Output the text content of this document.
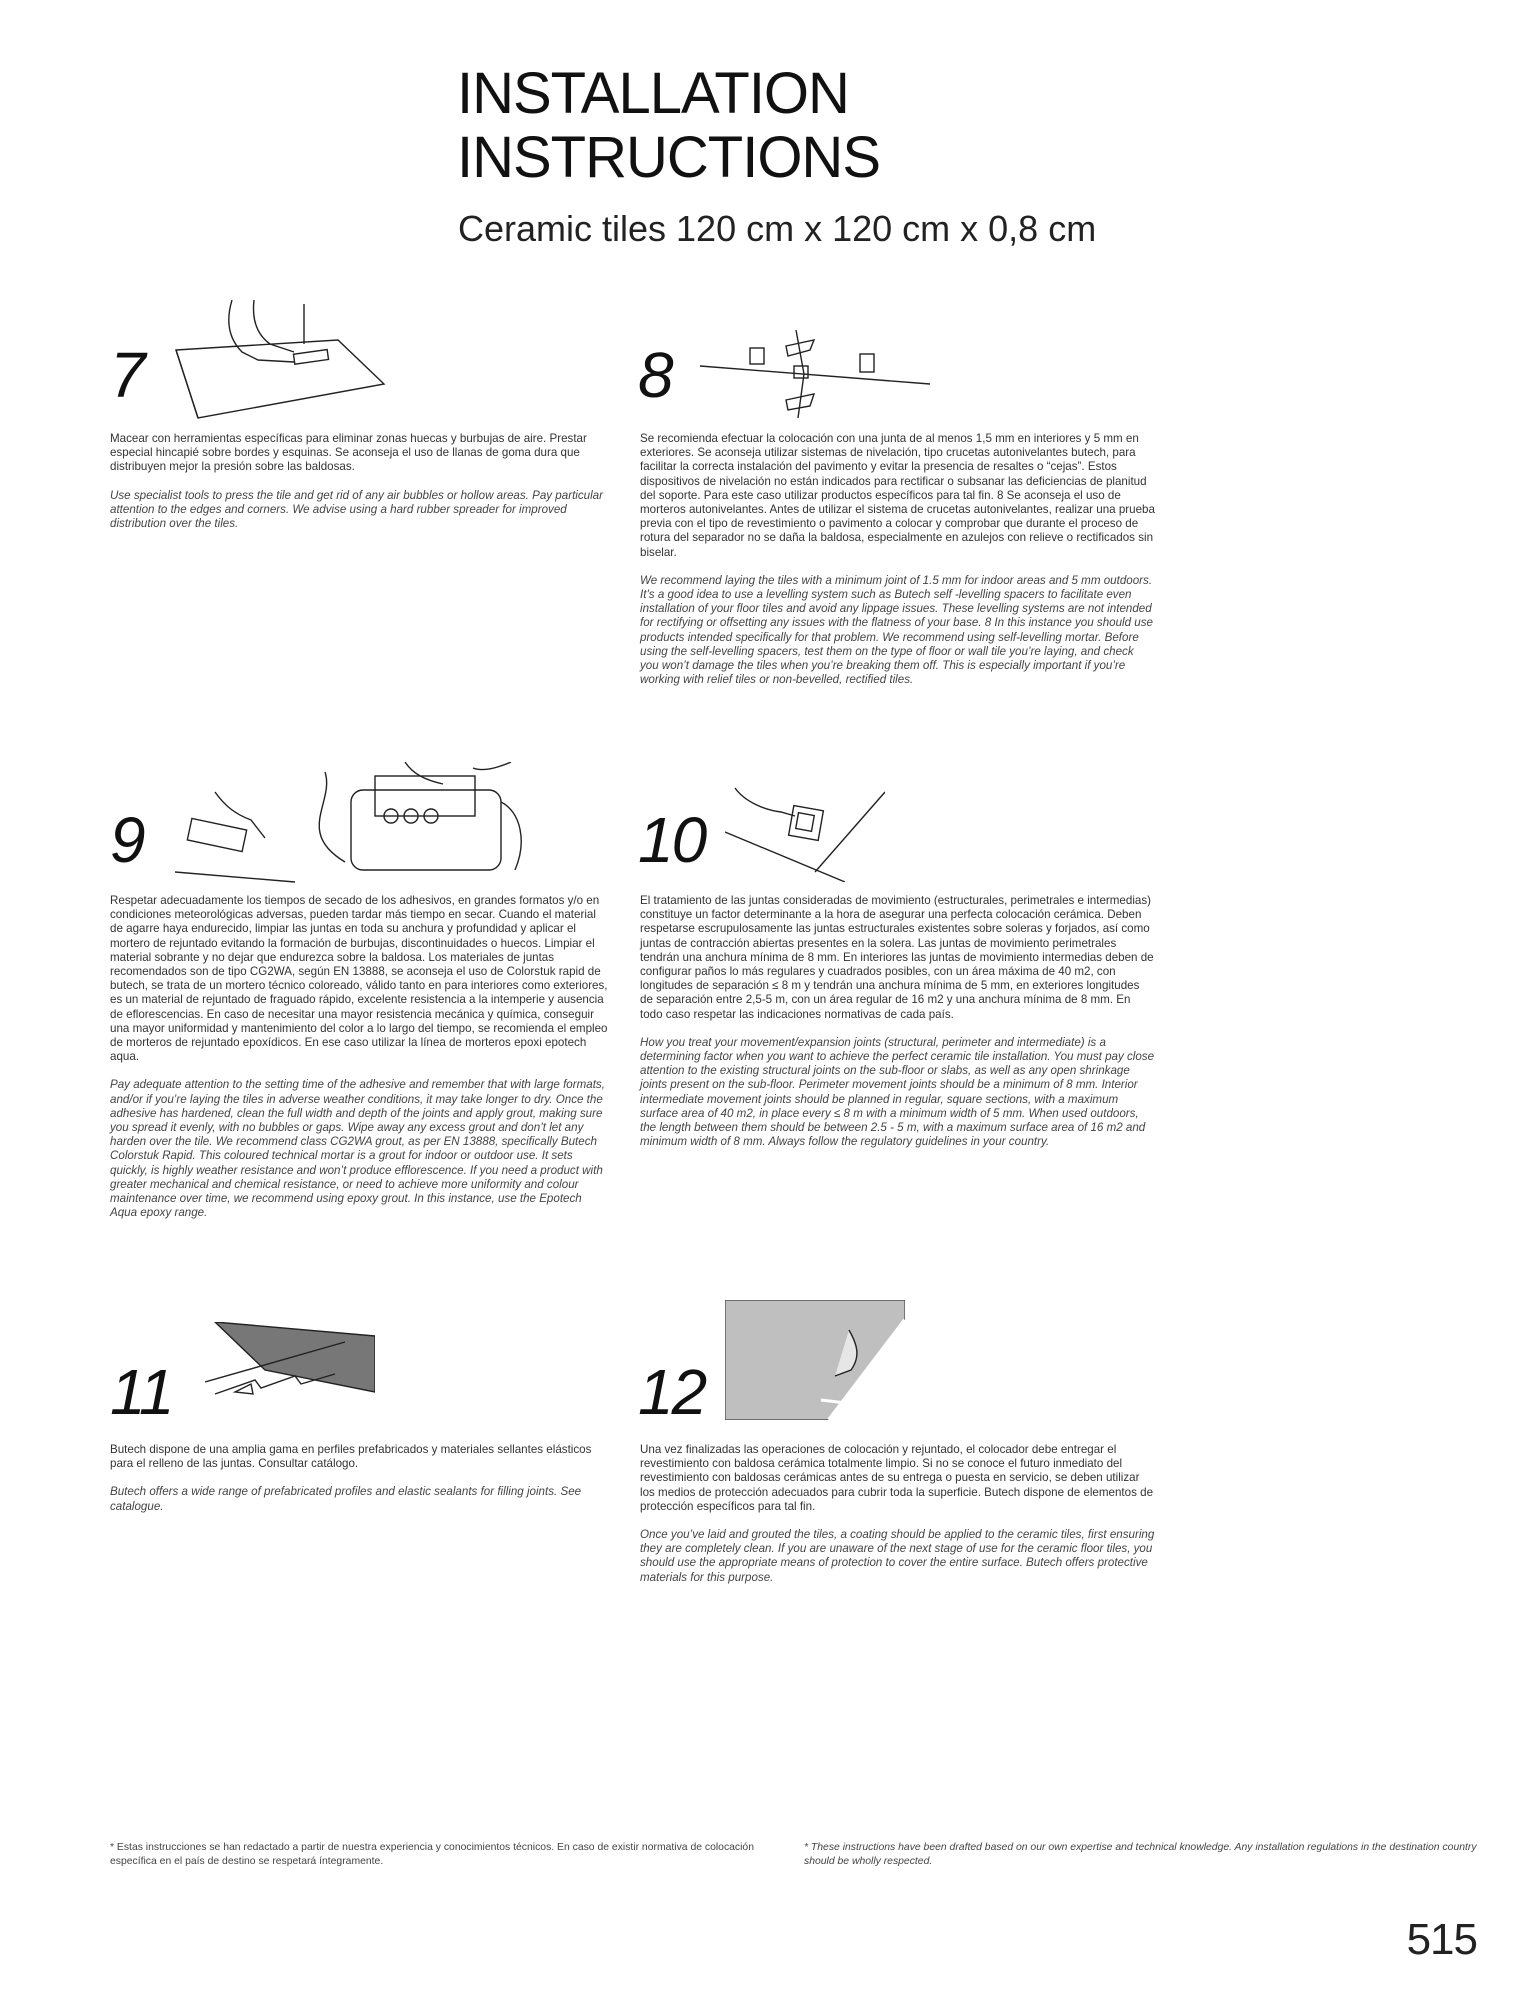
INSTALLATION
INSTRUCTIONS
Ceramic tiles 120 cm x 120 cm x 0,8 cm
7

Macear con herramientas específicas para eliminar zonas huecas y burbujas de aire. Prestar especial hincapié sobre bordes y esquinas. Se aconseja el uso de llanas de goma dura que distribuyen mejor la presión sobre las baldosas.

Use specialist tools to press the tile and get rid of any air bubbles or hollow areas. Pay particular attention to the edges and corners. We advise using a hard rubber spreader for improved distribution over the tiles.

8

Se recomienda efectuar la colocación con una junta de al menos 1,5 mm en interiores y 5 mm en exteriores. Se aconseja utilizar sistemas de nivelación, tipo crucetas autonivelantes butech, para facilitar la correcta instalación del pavimento y evitar la presencia de resaltes o “cejas”. Estos dispositivos de nivelación no están indicados para rectificar o subsanar las deficiencias de planitud del soporte. Para este caso utilizar productos específicos para tal fin. 8 Se aconseja el uso de morteros autonivelantes. Antes de utilizar el sistema de crucetas autonivelantes, realizar una prueba previa con el tipo de revestimiento o pavimento a colocar y comprobar que durante el proceso de rotura del separador no se daña la baldosa, especialmente en azulejos con relieve o rectificados sin biselar.

We recommend laying the tiles with a minimum joint of 1.5 mm for indoor areas and 5 mm outdoors. It’s a good idea to use a levelling system such as Butech self -levelling spacers to facilitate even installation of your floor tiles and avoid any lippage issues. These levelling systems are not intended for rectifying or offsetting any issues with the flatness of your base. 8 In this instance you should use products intended specifically for that problem. We recommend using self-levelling mortar. Before using the self-levelling spacers, test them on the type of floor or wall tile you’re laying, and check you won’t damage the tiles when you’re breaking them off. This is especially important if you’re working with relief tiles or non-bevelled, rectified tiles.

9

Respetar adecuadamente los tiempos de secado de los adhesivos, en grandes formatos y/o en condiciones meteorológicas adversas, pueden tardar más tiempo en secar. Cuando el material de agarre haya endurecido, limpiar las juntas en toda su anchura y profundidad y aplicar el mortero de rejuntado evitando la formación de burbujas, discontinuidades o huecos. Limpiar el material sobrante y no dejar que endurezca sobre la baldosa. Los materiales de juntas recomendados son de tipo CG2WA, según EN 13888, se aconseja el uso de Colorstuk rapid de butech, se trata de un mortero técnico coloreado, válido tanto en para interiores como exteriores, es un material de rejuntado de fraguado rápido, excelente resistencia a la intemperie y ausencia de eflorescencias. En caso de necesitar una mayor resistencia mecánica y química, conseguir una mayor uniformidad y mantenimiento del color a lo largo del tiempo, se recomienda el empleo de morteros de rejuntado epoxídicos. En ese caso utilizar la línea de morteros epoxi epotech aqua.

Pay adequate attention to the setting time of the adhesive and remember that with large formats, and/or if you’re laying the tiles in adverse weather conditions, it may take longer to dry. Once the adhesive has hardened, clean the full width and depth of the joints and apply grout, making sure you spread it evenly, with no bubbles or gaps. Wipe away any excess grout and don’t let any harden over the tile. We recommend class CG2WA grout, as per EN 13888, specifically Butech Colorstuk Rapid. This coloured technical mortar is a grout for indoor or outdoor use. It sets quickly, is highly weather resistance and won’t produce efflorescence. If you need a product with greater mechanical and chemical resistance, or need to achieve more uniformity and colour maintenance over time, we recommend using epoxy grout. In this instance, use the Epotech Aqua epoxy range.

10

El tratamiento de las juntas consideradas de movimiento (estructurales, perimetrales e intermedias) constituye un factor determinante a la hora de asegurar una perfecta colocación cerámica. Deben respetarse escrupulosamente las juntas estructurales existentes sobre soleras y forjados, así como juntas de contracción abiertas presentes en la solera. Las juntas de movimiento perimetrales tendrán una anchura mínima de 8 mm. En interiores las juntas de movimiento intermedias deben de configurar paños lo más regulares y cuadrados posibles, con un área máxima de 40 m2, con longitudes de separación ≤ 8 m y tendrán una anchura mínima de 5 mm, en exteriores longitudes de separación entre 2,5-5 m, con un área regular de 16 m2 y una anchura mínima de 8 mm. En todo caso respetar las indicaciones normativas de cada país.

How you treat your movement/expansion joints (structural, perimeter and intermediate) is a determining factor when you want to achieve the perfect ceramic tile installation. You must pay close attention to the existing structural joints on the sub-floor or slabs, as well as any open shrinkage joints present on the sub-floor. Perimeter movement joints should be a minimum of 8 mm. Interior intermediate movement joints should be planned in regular, square sections, with a maximum surface area of 40 m2, in place every ≤ 8 m with a minimum width of 5 mm. When used outdoors, the length between them should be between 2.5 - 5 m, with a maximum surface area of 16 m2 and minimum width of 8 mm. Always follow the regulatory guidelines in your country.

11

Butech dispone de una amplia gama en perfiles prefabricados y materiales sellantes elásticos para el relleno de las juntas. Consultar catálogo.

Butech offers a wide range of prefabricated profiles and elastic sealants for filling joints. See catalogue.

12

Una vez finalizadas las operaciones de colocación y rejuntado, el colocador debe entregar el revestimiento con baldosa cerámica totalmente limpio. Si no se conoce el futuro inmediato del revestimiento con baldosas cerámicas antes de su entrega o puesta en servicio, se deben utilizar los medios de protección adecuados para cubrir toda la superficie. Butech dispone de elementos de protección específicos para tal fin.

Once you’ve laid and grouted the tiles, a coating should be applied to the ceramic tiles, first ensuring they are completely clean. If you are unaware of the next stage of use for the ceramic floor tiles, you should use the appropriate means of protection to cover the entire surface. Butech offers protective materials for this purpose.

* Estas instrucciones se han redactado a partir de nuestra experiencia y conocimientos técnicos. En caso de existir normativa de colocación específica en el país de destino se respetará íntegramente.
* These instructions have been drafted based on our own expertise and technical knowledge. Any installation regulations in the destination country should be wholly respected.
515
